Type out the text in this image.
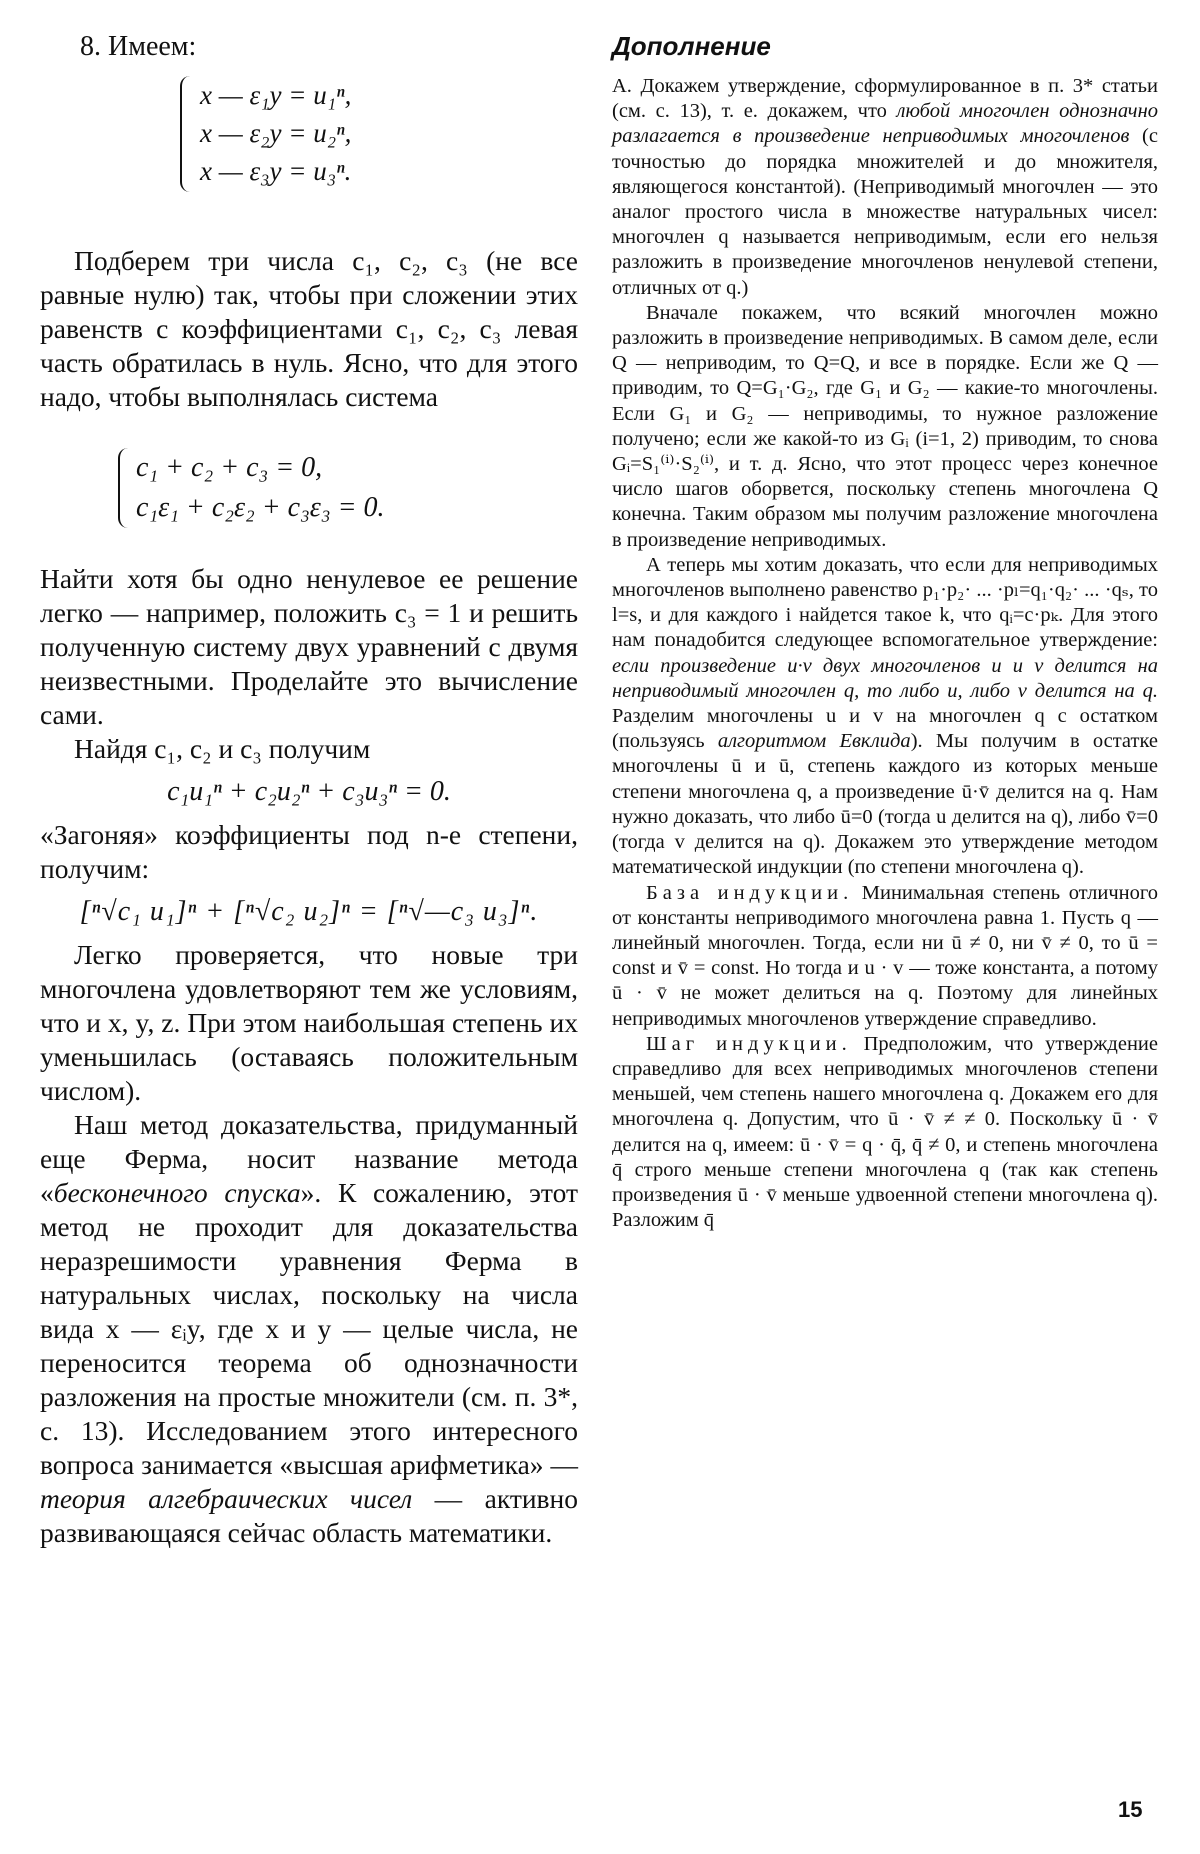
8. Имеем:

x — ε₁y = u₁ⁿ,
x — ε₂y = u₂ⁿ,
x — ε₃y = u₃ⁿ.

Подберем три числа c₁, c₂, c₃ (не все равные нулю) так, чтобы при сложении этих равенств с коэффициентами c₁, c₂, c₃ левая часть обратилась в нуль. Ясно, что для этого надо, чтобы выполнялась система

c₁ + c₂ + c₃ = 0,
c₁ε₁ + c₂ε₂ + c₃ε₃ = 0.

Найти хотя бы одно ненулевое ее решение легко — например, положить c₃ = 1 и решить полученную систему двух уравнений с двумя неизвестными. Проделайте это вычисление сами.

Найдя c₁, c₂ и c₃ получим

c₁u₁ⁿ + c₂u₂ⁿ + c₃u₃ⁿ = 0.

«Загоняя» коэффициенты под n-е степени, получим:

[ⁿ√c₁ u₁]ⁿ + [ⁿ√c₂ u₂]ⁿ = [ⁿ√—c₃ u₃]ⁿ.

Легко проверяется, что новые три многочлена удовлетворяют тем же условиям, что и x, y, z. При этом наибольшая степень их уменьшилась (оставаясь положительным числом).

Наш метод доказательства, придуманный еще Ферма, носит название метода «бесконечного спуска». К сожалению, этот метод не проходит для доказательства неразрешимости уравнения Ферма в натуральных числах, поскольку на числа вида x — εᵢy, где x и y — целые числа, не переносится теорема об однозначности разложения на простые множители (см. п. 3*, с. 13). Исследованием этого интересного вопроса занимается «высшая арифметика» — теория алгебраических чисел — активно развивающаяся сейчас область математики.

Дополнение

А. Докажем утверждение, сформулированное в п. 3* статьи (см. с. 13), т. е. докажем, что любой многочлен однозначно разлагается в произведение неприводимых многочленов (с точностью до порядка множителей и до множителя, являющегося константой). (Неприводимый многочлен — это аналог простого числа в множестве натуральных чисел: многочлен q называется неприводимым, если его нельзя разложить в произведение многочленов ненулевой степени, отличных от q.)

Вначале покажем, что всякий многочлен можно разложить в произведение неприводимых. В самом деле, если Q — неприводим, то Q=Q, и все в порядке. Если же Q — приводим, то Q=G₁·G₂, где G₁ и G₂ — какие-то многочлены. Если G₁ и G₂ — неприводимы, то нужное разложение получено; если же какой-то из Gᵢ (i=1, 2) приводим, то снова Gᵢ=S₁⁽ⁱ⁾·S₂⁽ⁱ⁾, и т. д. Ясно, что этот процесс через конечное число шагов оборвется, поскольку степень многочлена Q конечна. Таким образом мы получим разложение многочлена в произведение неприводимых.

А теперь мы хотим доказать, что если для неприводимых многочленов выполнено равенство p₁·p₂· ... ·pₗ=q₁·q₂· ... ·qₛ, то l=s, и для каждого i найдется такое k, что qᵢ=c·pₖ. Для этого нам понадобится следующее вспомогательное утверждение: если произведение u·v двух многочленов u и v делится на неприводимый многочлен q, то либо u, либо v делится на q. Разделим многочлены u и v на многочлен q с остатком (пользуясь алгоритмом Евклида). Мы получим в остатке многочлены ū и ū, степень каждого из которых меньше степени многочлена q, а произведение ū·v̄ делится на q. Нам нужно доказать, что либо ū=0 (тогда u делится на q), либо v̄=0 (тогда v делится на q). Докажем это утверждение методом математической индукции (по степени многочлена q).

База индукции. Минимальная степень отличного от константы неприводимого многочлена равна 1. Пусть q — линейный многочлен. Тогда, если ни ū ≠ 0, ни v̄ ≠ 0, то ū = const и v̄ = const. Но тогда и u · v — тоже константа, а потому ū · v̄ не может делиться на q. Поэтому для линейных неприводимых многочленов утверждение справедливо.

Шаг индукции. Предположим, что утверждение справедливо для всех неприводимых многочленов степени меньшей, чем степень нашего многочлена q. Докажем его для многочлена q. Допустим, что ū · v̄ ≠ ≠ 0. Поскольку ū · v̄ делится на q, имеем: ū · v̄ = q · q̄, q̄ ≠ 0, и степень многочлена q̄ строго меньше степени многочлена q (так как степень произведения ū · v̄ меньше удвоенной степени многочлена q). Разложим q̄

15
